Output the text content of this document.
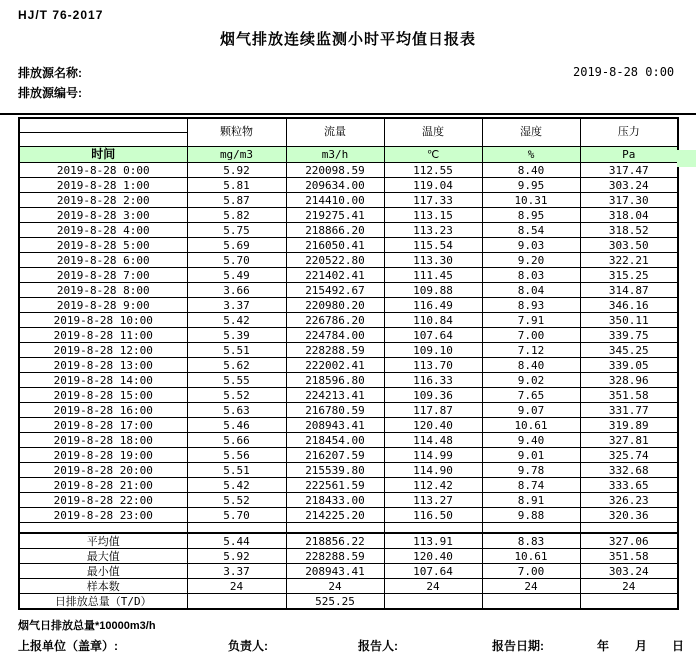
HJ/T 76-2017
烟气排放连续监测小时平均值日报表
排放源名称:
排放源编号:
2019-8-28 0:00
	颗粒物	流量	温度	湿度	压力

时间	mg/m3	m3/h	℃	%	Pa
2019-8-28 0:00	5.92	220098.59	112.55	8.40	317.47
2019-8-28 1:00	5.81	209634.00	119.04	9.95	303.24
2019-8-28 2:00	5.87	214410.00	117.33	10.31	317.30
2019-8-28 3:00	5.82	219275.41	113.15	8.95	318.04
2019-8-28 4:00	5.75	218866.20	113.23	8.54	318.52
2019-8-28 5:00	5.69	216050.41	115.54	9.03	303.50
2019-8-28 6:00	5.70	220522.80	113.30	9.20	322.21
2019-8-28 7:00	5.49	221402.41	111.45	8.03	315.25
2019-8-28 8:00	3.66	215492.67	109.88	8.04	314.87
2019-8-28 9:00	3.37	220980.20	116.49	8.93	346.16
2019-8-28 10:00	5.42	226786.20	110.84	7.91	350.11
2019-8-28 11:00	5.39	224784.00	107.64	7.00	339.75
2019-8-28 12:00	5.51	228288.59	109.10	7.12	345.25
2019-8-28 13:00	5.62	222002.41	113.70	8.40	339.05
2019-8-28 14:00	5.55	218596.80	116.33	9.02	328.96
2019-8-28 15:00	5.52	224213.41	109.36	7.65	351.58
2019-8-28 16:00	5.63	216780.59	117.87	9.07	331.77
2019-8-28 17:00	5.46	208943.41	120.40	10.61	319.89
2019-8-28 18:00	5.66	218454.00	114.48	9.40	327.81
2019-8-28 19:00	5.56	216207.59	114.99	9.01	325.74
2019-8-28 20:00	5.51	215539.80	114.90	9.78	332.68
2019-8-28 21:00	5.42	222561.59	112.42	8.74	333.65
2019-8-28 22:00	5.52	218433.00	113.27	8.91	326.23
2019-8-28 23:00	5.70	214225.20	116.50	9.88	320.36

平均值	5.44	218856.22	113.91	8.83	327.06
最大值	5.92	228288.59	120.40	10.61	351.58
最小值	3.37	208943.41	107.64	7.00	303.24
样本数	24	24	24	24	24
日排放总量（T/D）		525.25			
烟气日排放总量*10000m3/h
上报单位（盖章）:	负责人:	报告人:	报告日期:	年 月 日
